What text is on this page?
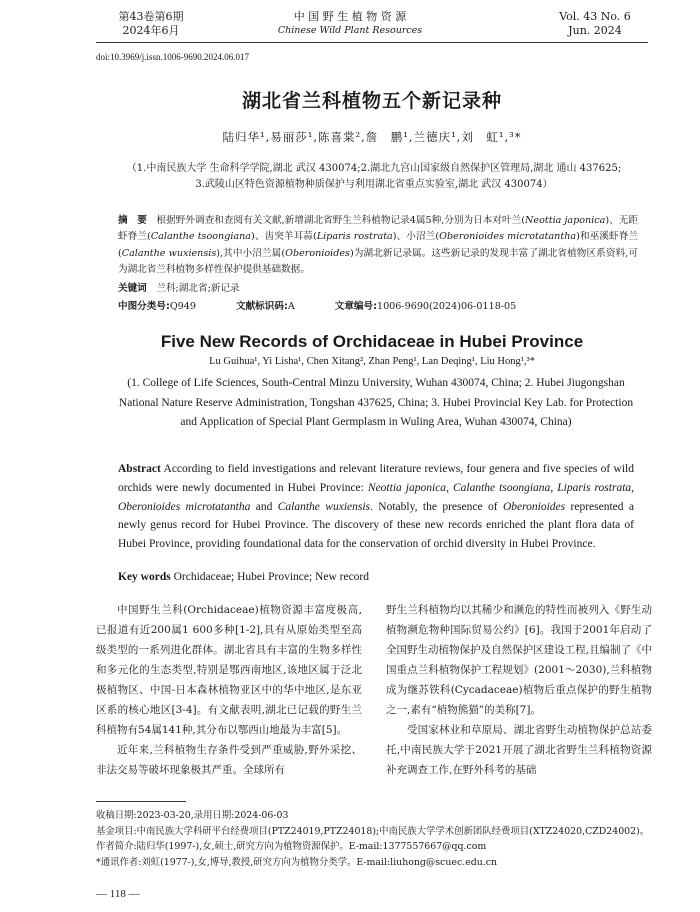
第43卷第6期
2024年6月
中 国 野 生 植 物 资 源
Chinese Wild Plant Resources
Vol. 43 No. 6
Jun. 2024
doi:10.3969/j.issn.1006-9690.2024.06.017
湖北省兰科植物五个新记录种
陆归华¹,易丽莎¹,陈喜棠²,詹　鹏¹,兰德庆¹,刘　虹¹,³*
（1.中南民族大学 生命科学学院,湖北 武汉 430074;2.湖北九宫山国家级自然保护区管理局,湖北 通山 437625;
3.武陵山区特色资源植物种质保护与利用湖北省重点实验室,湖北 武汉 430074）
摘　要　 根据野外调查和查阅有关文献,新增湖北省野生兰科植物记录4属5种,分别为日本对叶兰(Neottia japonica)、无距虾脊兰(Calanthe tsoongiana)、齿突羊耳蒜(Liparis rostrata)、小沼兰(Oberonioides microtatantha)和巫溪虾脊兰(Calanthe wuxiensis),其中小沼兰属(Oberonioides)为湖北新记录属。这些新记录的发现丰富了湖北省植物区系资料,可为湖北省兰科植物多样性保护提供基础数据。
关键词　 兰科;湖北省;新记录
中图分类号:Q949	文献标识码:A	文章编号:1006-9690(2024)06-0118-05
Five New Records of Orchidaceae in Hubei Province
Lu Guihua¹, Yi Lisha¹, Chen Xitang², Zhan Peng¹, Lan Deqing¹, Liu Hong¹,³*
(1. College of Life Sciences, South-Central Minzu University, Wuhan 430074, China; 2. Hubei Jiugongshan National Nature Reserve Administration, Tongshan 437625, China; 3. Hubei Provincial Key Lab. for Protection and Application of Special Plant Germplasm in Wuling Area, Wuhan 430074, China)
Abstract According to field investigations and relevant literature reviews, four genera and five species of wild orchids were newly documented in Hubei Province: Neottia japonica, Calanthe tsoongiana, Liparis rostrata, Oberonioides microtatantha and Calanthe wuxiensis. Notably, the presence of Oberonioides represented a newly genus record for Hubei Province. The discovery of these new records enriched the plant flora data of Hubei Province, providing foundational data for the conservation of orchid diversity in Hubei Province.
Key words Orchidaceae; Hubei Province; New record

中国野生兰科(Orchidaceae)植物资源丰富度极高,已报道有近200属1 600多种[1-2],具有从原始类型至高级类型的一系列进化群体。湖北省具有丰富的生物多样性和多元化的生态类型,特别是鄂西南地区,该地区属于泛北极植物区、中国-日本森林植物亚区中的华中地区,是东亚区系的核心地区[3-4]。有文献表明,湖北已记载的野生兰科植物有54属141种,其分布以鄂西山地最为丰富[5]。

近年来,兰科植物生存条件受到严重威胁,野外采挖、非法交易等破坏现象极其严重。全球所有

野生兰科植物均以其稀少和濒危的特性而被列入《野生动植物濒危物种国际贸易公约》[6]。我国于2001年启动了全国野生动植物保护及自然保护区建设工程,且编制了《中国重点兰科植物保护工程规划》(2001～2030),兰科植物成为继苏铁科(Cycadaceae)植物后重点保护的野生植物之一,素有“植物熊猫”的美称[7]。

受国家林业和草原局、湖北省野生动植物保护总站委托,中南民族大学于2021开展了湖北省野生兰科植物资源补充调查工作,在野外科考的基础

收稿日期:2023-03-20,录用日期:2024-06-03
基金项目:中南民族大学科研平台经费项目(PTZ24019,PTZ24018);中南民族大学学术创新团队经费项目(XTZ24020,CZD24002)。
作者简介:陆归华(1997-),女,硕士,研究方向为植物资源保护。E-mail:1377557667@qq.com
*通讯作者:刘虹(1977-),女,博导,教授,研究方向为植物分类学。E-mail:liuhong@scuec.edu.cn
— 118 —
